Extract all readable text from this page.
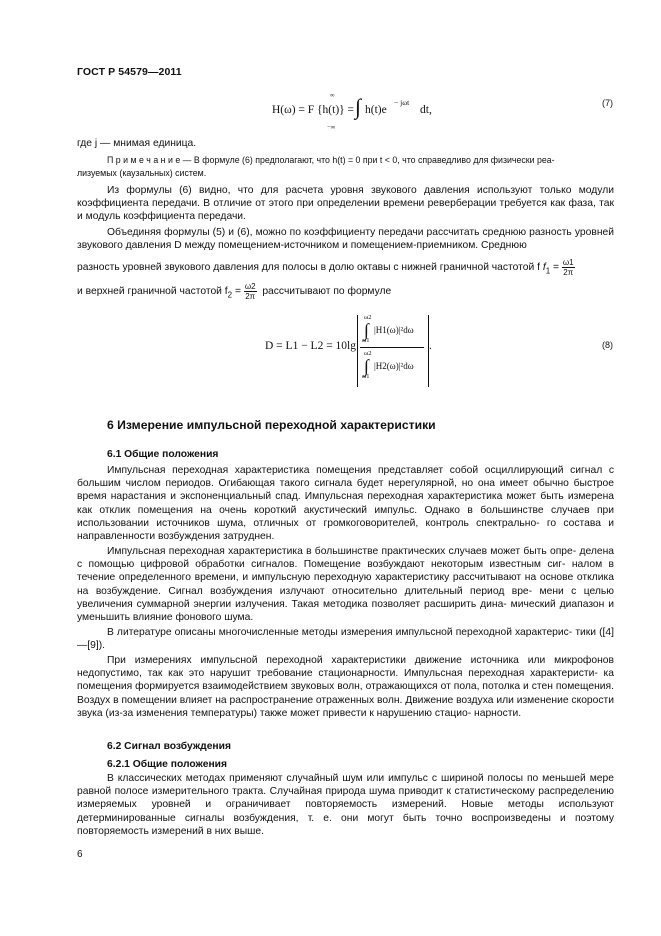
ГОСТ Р 54579—2011
H(ω) = F {h(t)} =
∞ ∫
−∞
h(t)e
− jωt
dt,
(7)
где j — мнимая единица.
П р и м е ч а н и е — В формуле (6) предполагают, что h(t) = 0 при t < 0, что справедливо для физически реа-
лизуемых (каузальных) систем.
Из формулы (6) видно, что для расчета уровня звукового давления используют только модули коэффициента передачи. В отличие от этого при определении времени реверберации требуется как фаза, так и модуль коэффициента передачи.
Объединяя формулы (5) и (6), можно по коэффициенту передачи рассчитать среднюю разность уровней звукового давления D между помещением-источником и помещением-приемником. Среднюю
разность уровней звукового давления для полосы в долю октавы с нижней граничной частотой f $f_1 = \frac{\omega 1}{2\pi}$
и верхней граничной частотой $f_2 = \frac{\omega 2}{2\pi}$ рассчитывают по формуле
D = L1 − L2 = 10lg
ω2
∫
ω1
|H1(ω)|²dω
ω2
∫
ω1
|H2(ω)|²dω
.	(8)
6 Измерение импульсной переходной характеристики
6.1 Общие положения
Импульсная переходная характеристика помещения представляет собой осциллирующий сигнал с большим числом периодов. Огибающая такого сигнала будет нерегулярной, но она имеет обычно быстрое время нарастания и экспоненциальный спад. Импульсная переходная характеристика может быть измерена как отклик помещения на очень короткий акустический импульс. Однако в большинстве случаев при использовании источников шума, отличных от громкоговорителей, контроль спектрально- го состава и направленности возбуждения затруднен.
Импульсная переходная характеристика в большинстве практических случаев может быть опре- делена с помощью цифровой обработки сигналов. Помещение возбуждают некоторым известным сиг- налом в течение определенного времени, и импульсную переходную характеристику рассчитывают на основе отклика на возбуждение. Сигнал возбуждения излучают относительно длительный период вре- мени с целью увеличения суммарной энергии излучения. Такая методика позволяет расширить дина- мический диапазон и уменьшить влияние фонового шума.
В литературе описаны многочисленные методы измерения импульсной переходной характерис- тики ([4]—[9]).
При измерениях импульсной переходной характеристики движение источника или микрофонов недопустимо, так как это нарушит требование стационарности. Импульсная переходная характеристи- ка помещения формируется взаимодействием звуковых волн, отражающихся от пола, потолка и стен помещения. Воздух в помещении влияет на распространение отраженных волн. Движение воздуха или изменение скорости звука (из-за изменения температуры) также может привести к нарушению стацио- нарности.
6.2 Сигнал возбуждения
6.2.1 Общие положения
В классических методах применяют случайный шум или импульс с шириной полосы по меньшей мере равной полосе измерительного тракта. Случайная природа шума приводит к статистическому распределению измеряемых уровней и ограничивает повторяемость измерений. Новые методы используют детерминированные сигналы возбуждения, т. е. они могут быть точно воспроизведены и поэтому повторяемость измерений в них выше.
6
